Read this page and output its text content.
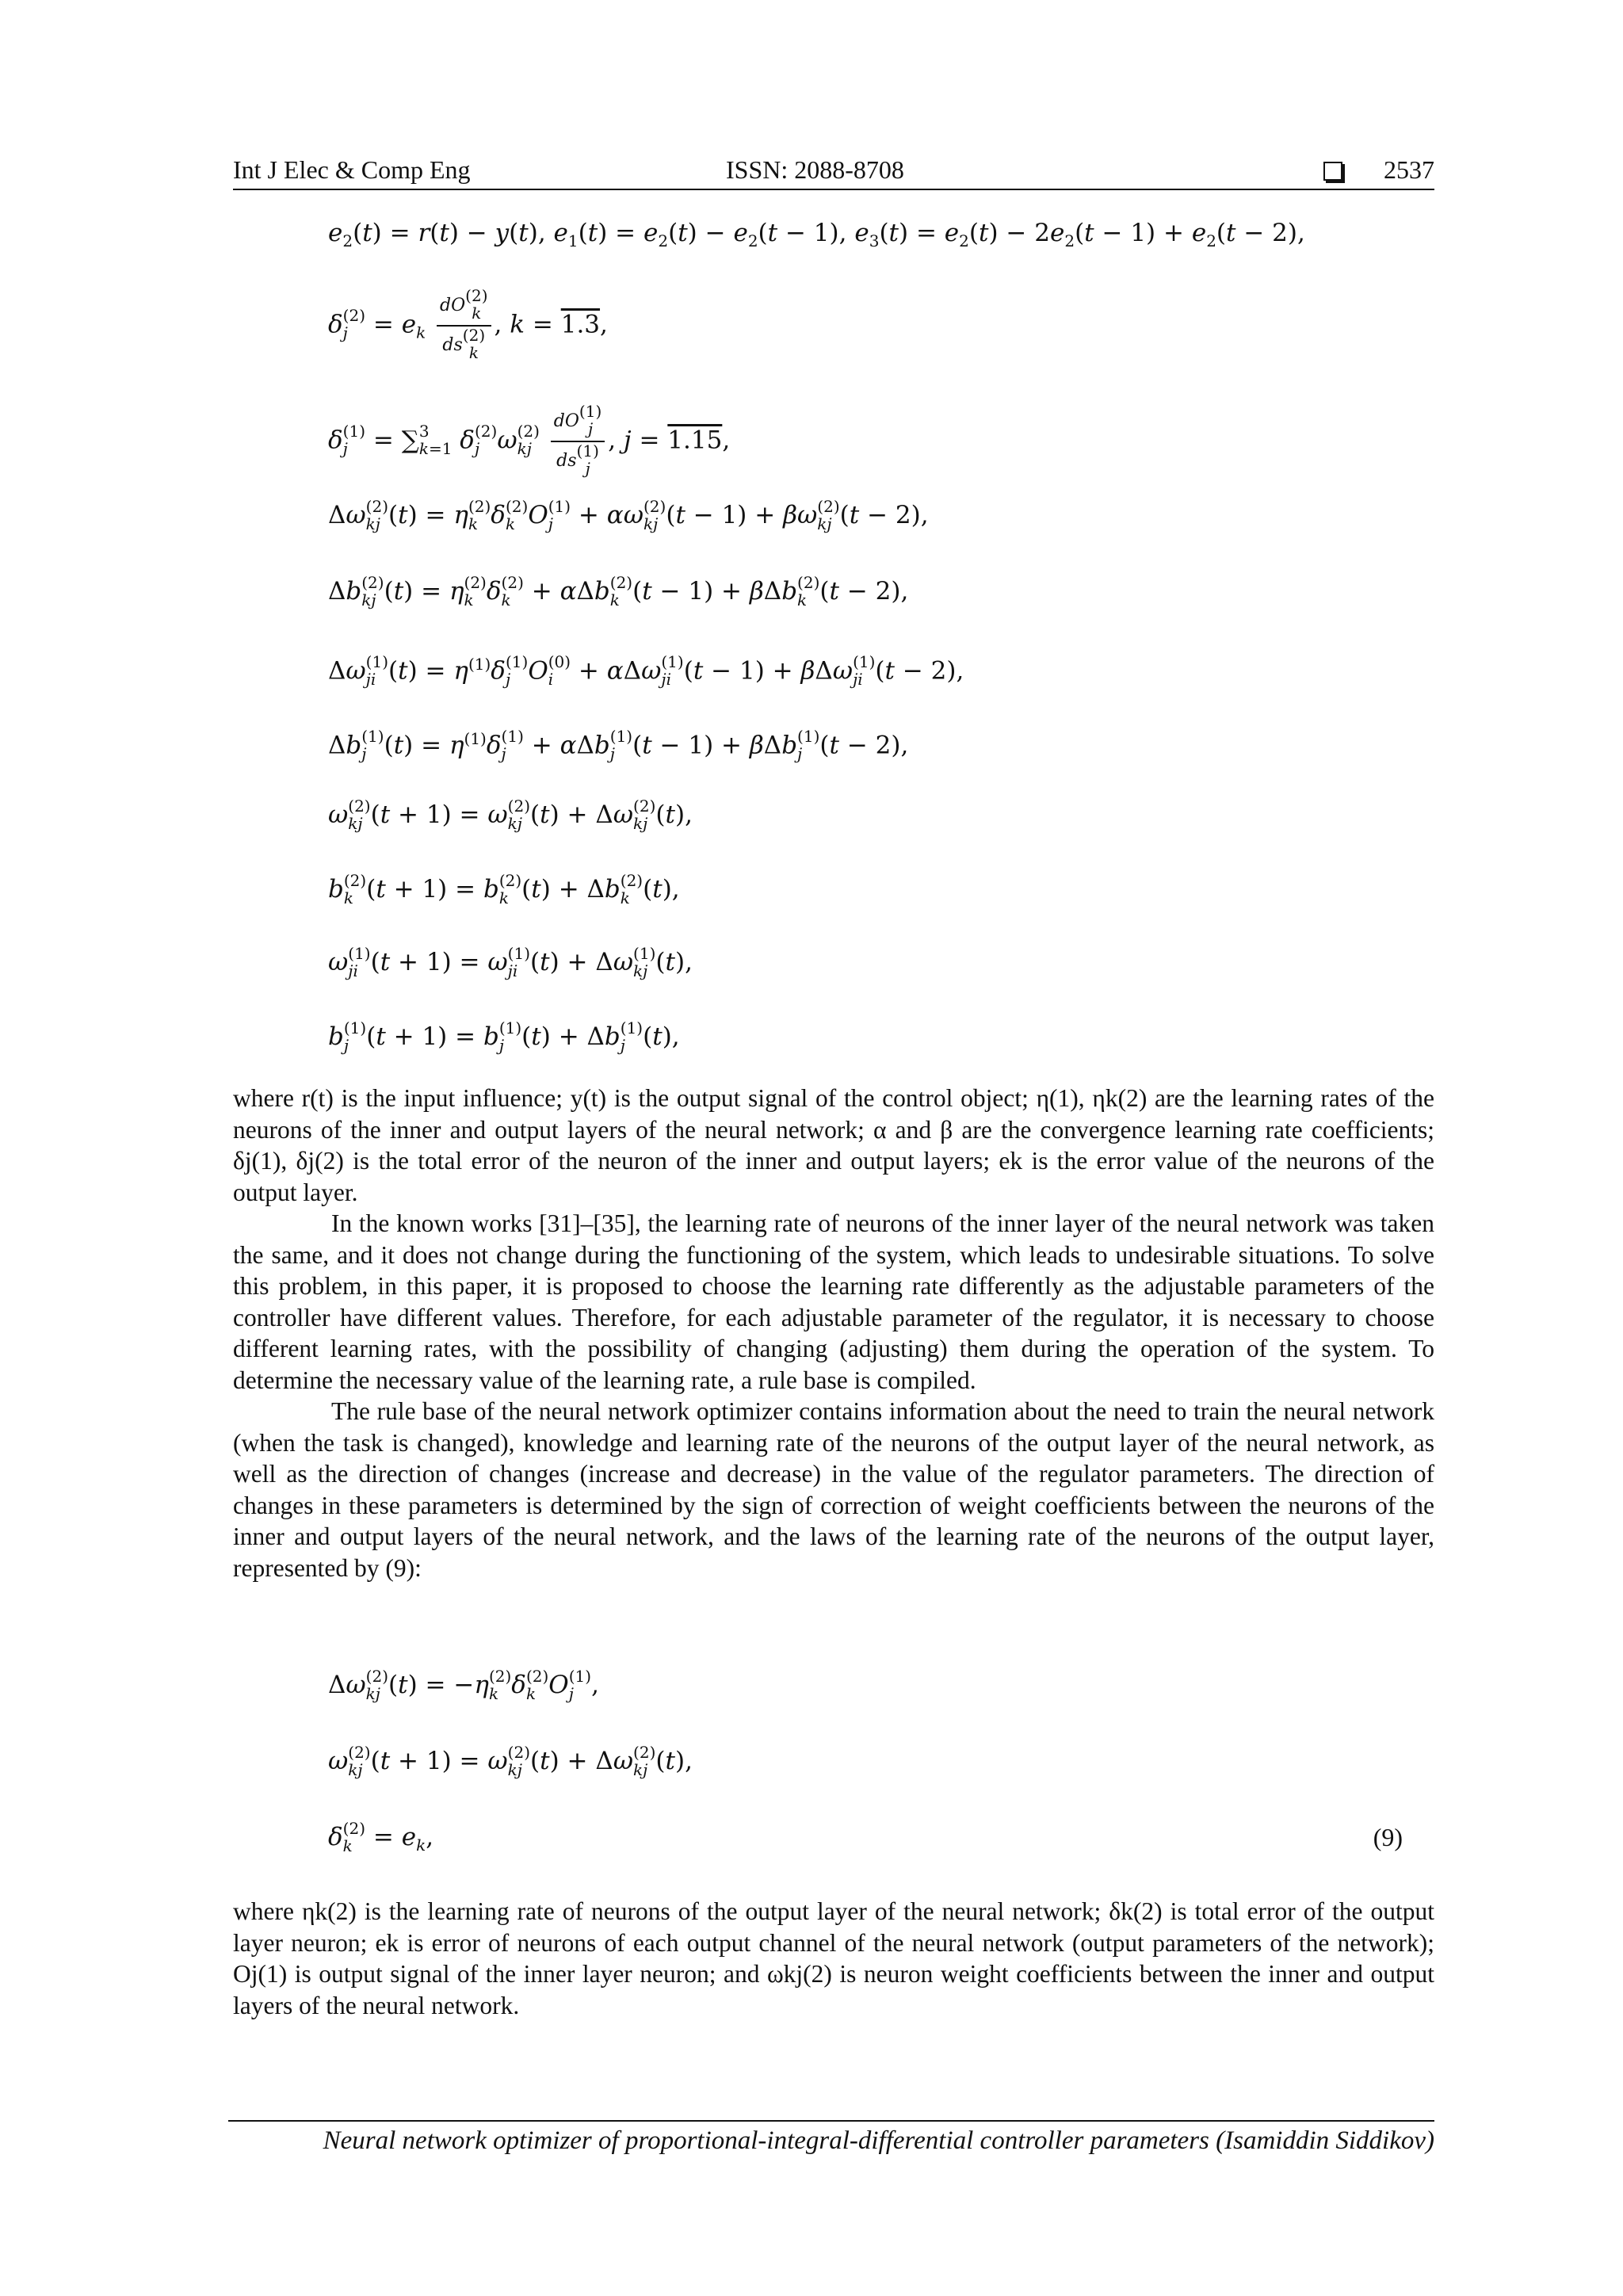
Int J Elec & Comp Eng	ISSN: 2088-8708	2537
$e_2(t) = r(t) - y(t)$, $e_1(t) = e_2(t) - e_2(t - 1)$, $e_3(t) = e_2(t) - 2e_2(t - 1) + e_2(t - 2)$,
δ (2)
$j = e_k$ dO (2)
k
ds (2)
k , k = 1.3,
δ (1)
j = ∑ 3
k=1 δ (2)
j ω (2)
kj
	dO (1)
j
ds (1)
j , j = 1.15,
Δω (2)
kj (t) = η (2)
k δ (2)
k O (1)
j + αω (2)
kj (t − 1) + βω (2)
kj (t − 2),
Δb (2)
kj (t) = η (2)
k δ (2)
k + αΔb (2)
k (t − 1) + βΔb (2)
k (t − 2),
Δω (1)
ji $(t) = \eta^{(1)}\delta$ (1)
j O (0)
i + αΔω (1)
ji (t − 1) + βΔω (1)
ji (t − 2),
Δb (1)
j $(t) = \eta^{(1)}\delta$ (1)
j + αΔb (1)
j (t − 1) + βΔb (1)
j (t − 2),
ω (2)
kj (t + 1) = ω (2)
kj (t) + Δω (2)
kj (t),
b (2)
k (t + 1) = b (2)
k (t) + Δb (2)
k (t),
ω (1)
ji (t + 1) = ω (1)
ji (t) + Δω (1)
kj (t),
b (1)
j (t + 1) = b (1)
j (t) + Δb (1)
j (t),

where r(t) is the input influence; y(t) is the output signal of the control object; η(1), ηk(2) are the learning rates of the neurons of the inner and output layers of the neural network; α and β are the convergence learning rate coefficients; δj(1), δj(2) is the total error of the neuron of the inner and output layers; ek is the error value of the neurons of the output layer.

In the known works [31]–[35], the learning rate of neurons of the inner layer of the neural network was taken the same, and it does not change during the functioning of the system, which leads to undesirable situations. To solve this problem, in this paper, it is proposed to choose the learning rate differently as the adjustable parameters of the controller have different values. Therefore, for each adjustable parameter of the regulator, it is necessary to choose different learning rates, with the possibility of changing (adjusting) them during the operation of the system. To determine the necessary value of the learning rate, a rule base is compiled.

The rule base of the neural network optimizer contains information about the need to train the neural network (when the task is changed), knowledge and learning rate of the neurons of the output layer of the neural network, as well as the direction of changes (increase and decrease) in the value of the regulator parameters. The direction of changes in these parameters is determined by the sign of correction of weight coefficients between the neurons of the inner and output layers of the neural network, and the laws of the learning rate of the neurons of the output layer, represented by (9):

Δω (2)
kj (t) = −η (2)
k δ (2)
k O (1)
j ,
ω (2)
kj (t + 1) = ω (2)
kj (t) + Δω (2)
kj (t),
δ (2)
$k = e_k$,	(9)

where ηk(2) is the learning rate of neurons of the output layer of the neural network; δk(2) is total error of the output layer neuron; ek is error of neurons of each output channel of the neural network (output parameters of the network); Oj(1) is output signal of the inner layer neuron; and ωkj(2) is neuron weight coefficients between the inner and output layers of the neural network.

Neural network optimizer of proportional-integral-differential controller parameters (Isamiddin Siddikov)
